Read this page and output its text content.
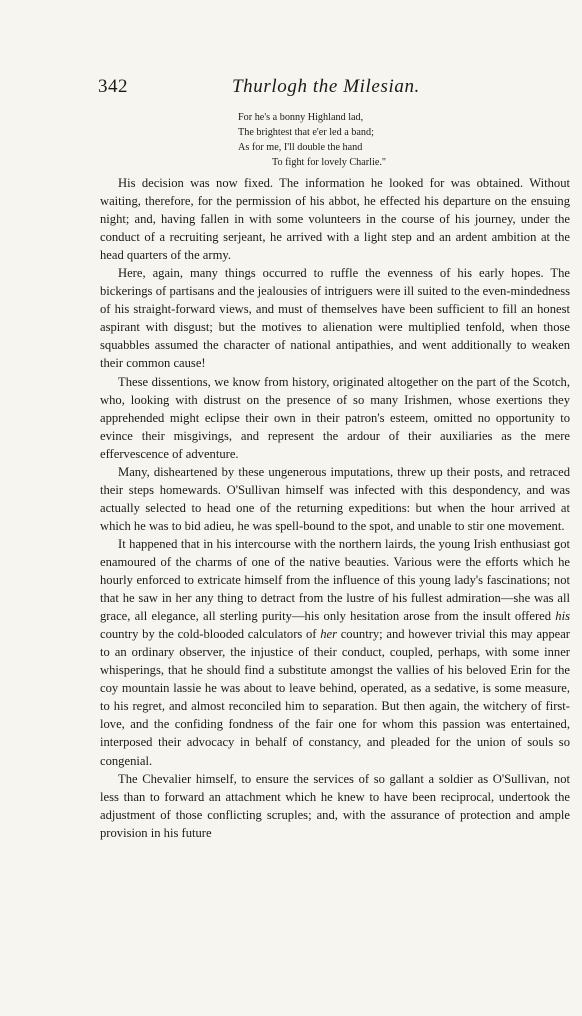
342	Thurlogh the Milesian.
For he's a bonny Highland lad,
The brightest that e'er led a band;
As for me, I'll double the hand
To fight for lovely Charlie."

His decision was now fixed. The information he looked for was obtained. Without waiting, therefore, for the permission of his abbot, he effected his departure on the ensuing night; and, having fallen in with some volunteers in the course of his journey, under the conduct of a recruiting serjeant, he arrived with a light step and an ardent ambition at the head quarters of the army.

Here, again, many things occurred to ruffle the evenness of his early hopes. The bickerings of partisans and the jealousies of intriguers were ill suited to the even-mindedness of his straight-forward views, and must of themselves have been sufficient to fill an honest aspirant with disgust; but the motives to alienation were multiplied tenfold, when those squabbles assumed the character of national antipathies, and went additionally to weaken their common cause!

These dissentions, we know from history, originated altogether on the part of the Scotch, who, looking with distrust on the presence of so many Irishmen, whose exertions they apprehended might eclipse their own in their patron's esteem, omitted no opportunity to evince their misgivings, and represent the ardour of their auxiliaries as the mere effervescence of adventure.

Many, disheartened by these ungenerous imputations, threw up their posts, and retraced their steps homewards. O'Sullivan himself was infected with this despondency, and was actually selected to head one of the returning expeditions: but when the hour arrived at which he was to bid adieu, he was spell-bound to the spot, and unable to stir one movement.

It happened that in his intercourse with the northern lairds, the young Irish enthusiast got enamoured of the charms of one of the native beauties. Various were the efforts which he hourly enforced to extricate himself from the influence of this young lady's fascinations; not that he saw in her any thing to detract from the lustre of his fullest admiration—she was all grace, all elegance, all sterling purity—his only hesitation arose from the insult offered his country by the cold-blooded calculators of her country; and however trivial this may appear to an ordinary observer, the injustice of their conduct, coupled, perhaps, with some inner whisperings, that he should find a substitute amongst the vallies of his beloved Erin for the coy mountain lassie he was about to leave behind, operated, as a sedative, is some measure, to his regret, and almost reconciled him to separation. But then again, the witchery of first-love, and the confiding fondness of the fair one for whom this passion was entertained, interposed their advocacy in behalf of constancy, and pleaded for the union of souls so congenial.

The Chevalier himself, to ensure the services of so gallant a soldier as O'Sullivan, not less than to forward an attachment which he knew to have been reciprocal, undertook the adjustment of those conflicting scruples; and, with the assurance of protection and ample provision in his future
